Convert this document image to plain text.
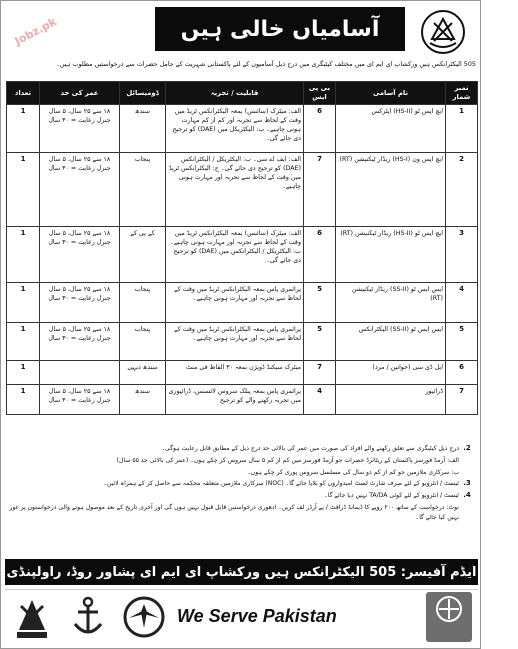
Jobz.pk	آسامیاں خالی ہیں
505 الیکٹرانکس ہیں ورکشاپ ای ایم ای میں مختلف کیٹیگری میں درج ذیل آسامیوں کے لئے پاکستانی شہریت کے حامل حضرات سے درخواستیں مطلوب ہیں۔
نمبر شمار	نام آسامی	بی پی ایس	قابلیت / تجربہ	ڈومیسائل	عمر کی حد	تعداد
1	ایچ ایس ٹو (HS-II) ایٹرکس	6	الف: میٹرک (سائنس) بمعہ الیکٹرانکس ٹریڈ میں وقت کے لحاظ سے تجربہ اور کم از کم مہارت ہونی چاہیے۔ ب: الیکٹریکل میں (DAE) کو ترجیح دی جائے گی۔	سندھ	۱۸ سے ۲۵ سال، ۵ سال جنرل رعایت = ۳۰ سال	1
2	ایچ ایس ون (HS-I) ریڈار ٹیکنیشن (RT)	7	الف: ایف اے سی۔ ب: الیکٹریکل / الیکٹرانکس (DAE) کو ترجیح دی جائے گی۔ ج: الیکٹرانکس ٹریڈ میں وقت کے لحاظ سے تجربہ اور مہارت ہونی چاہیے۔	پنجاب	۱۸ سے ۲۵ سال، ۵ سال جنرل رعایت = ۳۰ سال	1
3	ایچ ایس ٹو (HS-II) ریڈار ٹیکنیشن (RT)	6	الف: میٹرک (سائنس) بمعہ الیکٹرانکس ٹریڈ میں وقت کے لحاظ سے تجربہ اور مہارت ہونی چاہیے۔ ب: الیکٹریکل / الیکٹرانکس میں (DAE) کو ترجیح دی جائے گی۔	کے پی کے	۱۸ سے ۲۵ سال، ۵ سال جنرل رعایت = ۳۰ سال	1
4	ایس ایس ٹو (SS-II) ریڈار ٹیکنیشن (RT)	5	پرائمری پاس بمعہ الیکٹرانکس ٹریڈ میں وقت کے لحاظ سے تجربہ اور مہارت ہونی چاہیے۔	پنجاب	۱۸ سے ۲۵ سال، ۵ سال جنرل رعایت = ۳۰ سال	1
5	ایس ایس ٹو (SS-II) الیکٹرانکس	5	پرائمری پاس بمعہ الیکٹرانکس ٹریڈ میں وقت کے لحاظ سے تجربہ اور مہارت ہونی چاہیے۔	پنجاب	۱۸ سے ۲۵ سال، ۵ سال جنرل رعایت = ۳۰ سال	1
6	ایل ڈی سی (خواتین / مرد)	7	میٹرک سیکنڈ ڈویژن بمعہ ۳۰ الفاظ فی منٹ	سندھ دیہی		1
7	ڈرائیور	4	پرائمری پاس بمعہ پبلک سروس لائسنس، ڈرائیوری میں تجربہ رکھنے والے کو ترجیح	سندھ	۱۸ سے ۲۵ سال، ۵ سال جنرل رعایت = ۳۰ سال	1
2.
درج ذیل کیٹیگری سے تعلق رکھنے والے افراد کی صورت میں عمر کی بالائی حد درج ذیل کے مطابق قابل رعایت ہوگی۔
الف: آرمڈ فورسز پاکستان کے ریٹائرڈ حضرات جو آرمڈ فورسز میں کم از کم ۵ سال سروس کر چکے ہوں۔ (عمر کی بالائی حد ۵۵ سال)
ب: سرکاری ملازمین جو کم از کم دو سال کی مسلسل سروس پوری کر چکے ہوں۔
3.
ٹیسٹ / انٹرویو کے لئے صرف شارٹ لسٹ امیدواروں کو بلایا جائے گا۔ (NOC) سرکاری ملازمین متعلقہ محکمہ سے حاصل کر کے ہمراہ لائیں۔
4.
ٹیسٹ / انٹرویو کے لئے کوئی TA/DA نہیں دیا جائے گا۔
نوٹ: درخواست کے ساتھ ۲۰۰ روپے کا ڈیمانڈ ڈرافٹ / پے آرڈر لف کریں۔ ادھوری درخواستیں قابل قبول نہیں ہوں گی اور آخری تاریخ کے بعد موصول ہونے والی درخواستوں پر غور نہیں کیا جائے گا۔
ایڈم آفیسر: 505 الیکٹرانکس ہیں ورکشاپ ای ایم ای پشاور روڈ، راولپنڈی
We Serve Pakistan
ISPR
